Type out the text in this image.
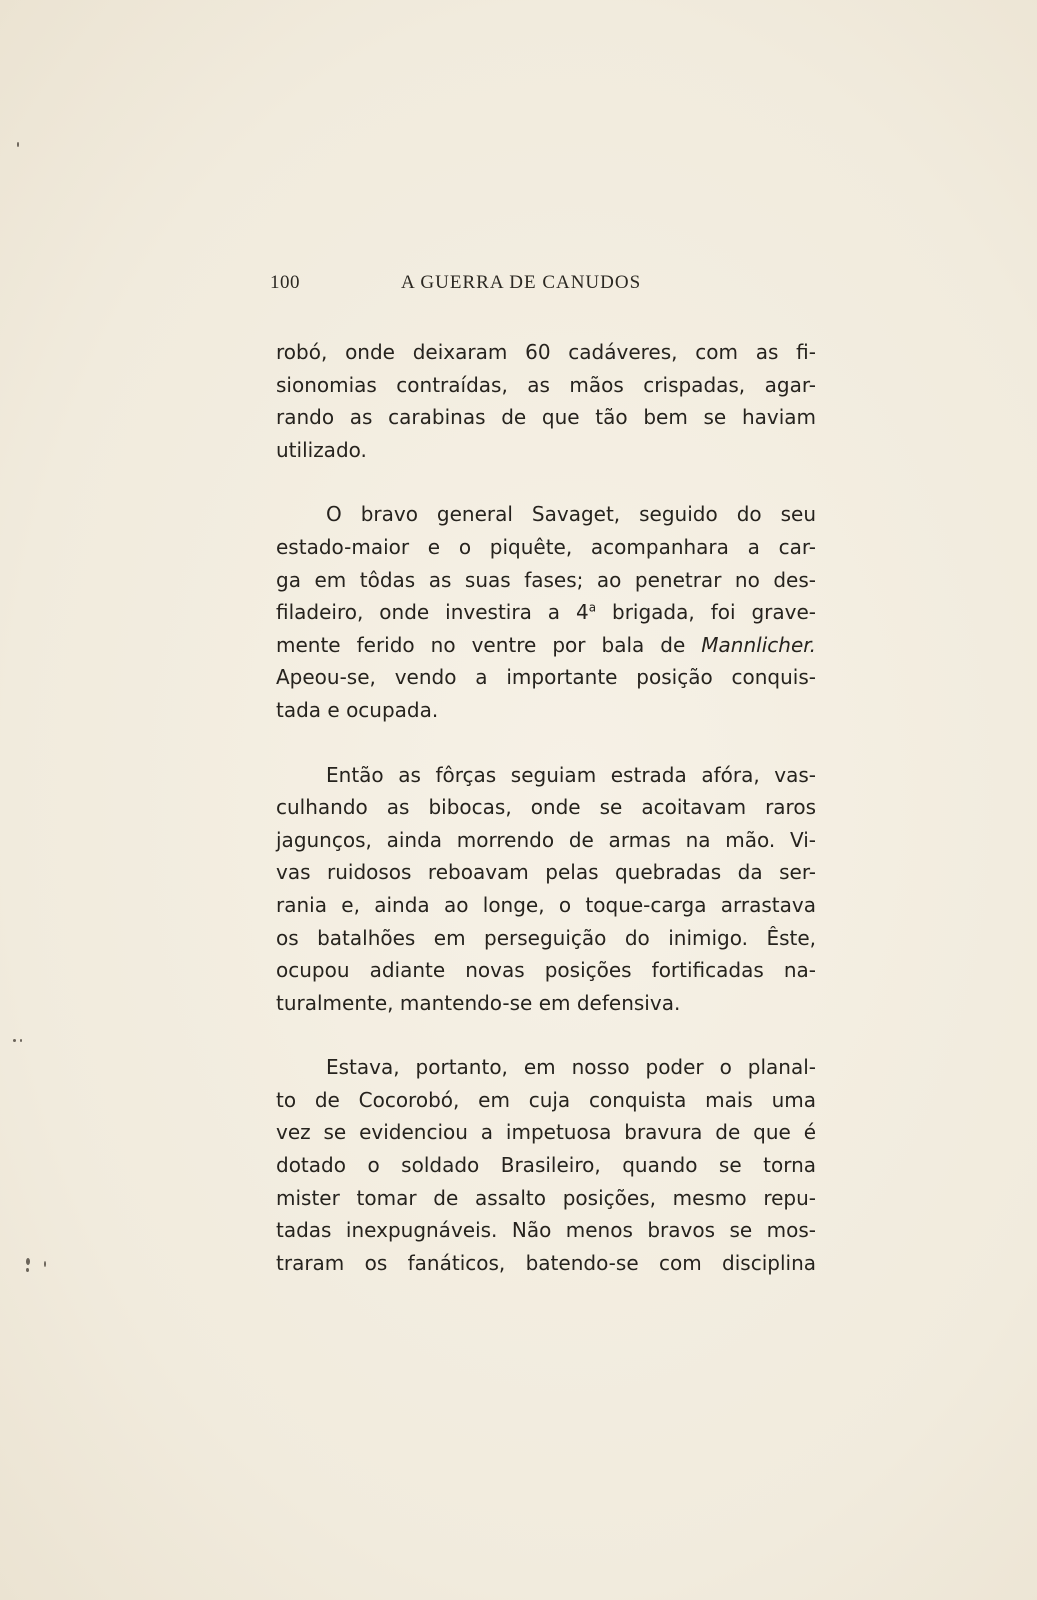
100	A GUERRA DE CANUDOS
robó, onde deixaram 60 cadáveres, com as fi-
sionomias contraídas, as mãos crispadas, agar-
rando as carabinas de que tão bem se haviam
utilizado.
O bravo general Savaget, seguido do seu
estado-maior e o piquête, acompanhara a car-
ga em tôdas as suas fases; ao penetrar no des-
filadeiro, onde investira a 4$^a$ brigada, foi grave-
mente ferido no ventre por bala de Mannlicher.
Apeou-se, vendo a importante posição conquis-
tada e ocupada.
Então as fôrças seguiam estrada afóra, vas-
culhando as bibocas, onde se acoitavam raros
jagunços, ainda morrendo de armas na mão. Vi-
vas ruidosos reboavam pelas quebradas da ser-
rania e, ainda ao longe, o toque-carga arrastava
os batalhões em perseguição do inimigo. Êste,
ocupou adiante novas posições fortificadas na-
turalmente, mantendo-se em defensiva.
Estava, portanto, em nosso poder o planal-
to de Cocorobó, em cuja conquista mais uma
vez se evidenciou a impetuosa bravura de que é
dotado o soldado Brasileiro, quando se torna
mister tomar de assalto posições, mesmo repu-
tadas inexpugnáveis. Não menos bravos se mos-
traram os fanáticos, batendo-se com disciplina
